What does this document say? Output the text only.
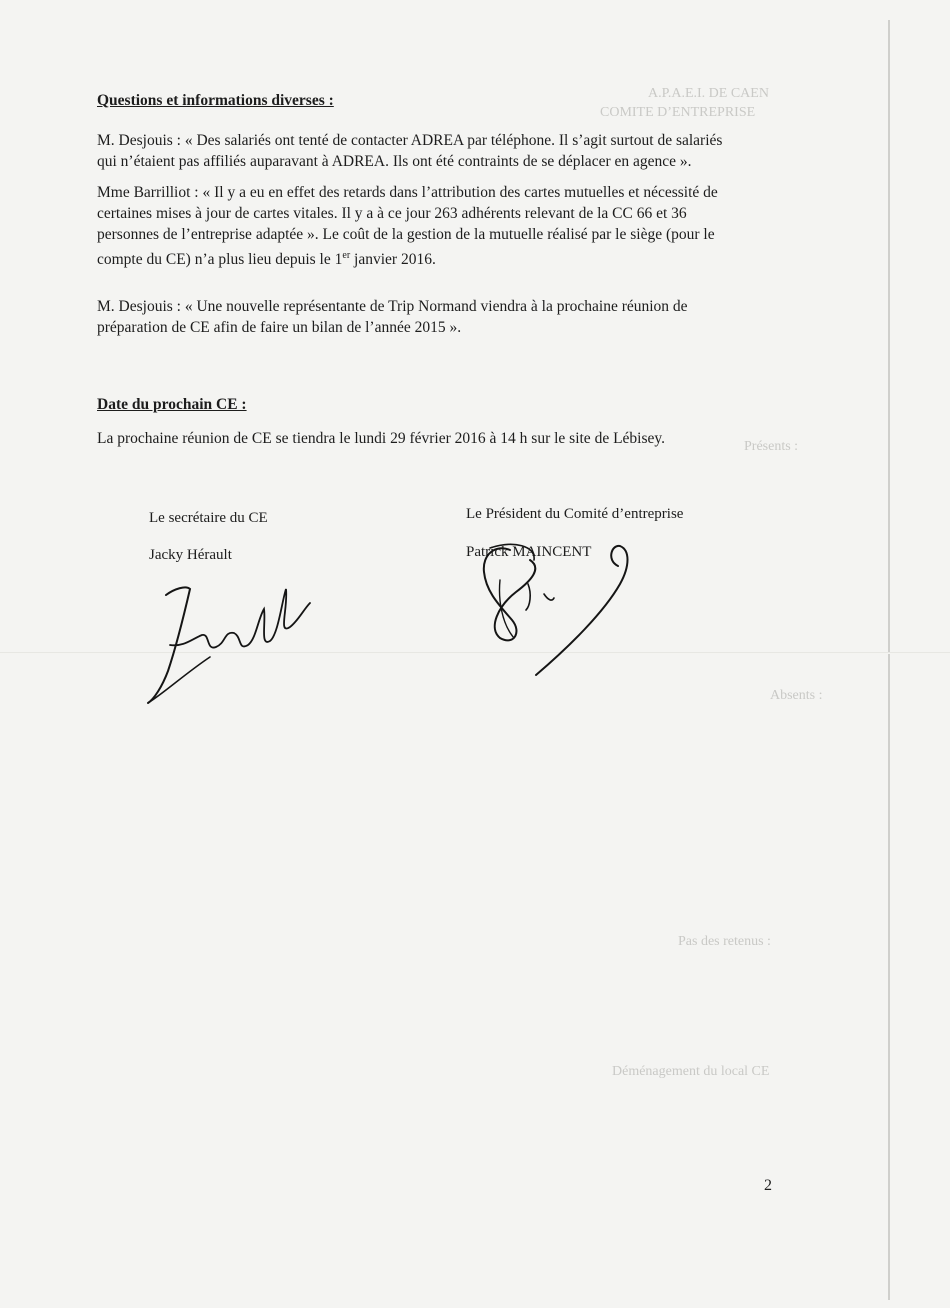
A.P.A.E.I. DE CAEN
COMITE D’ENTREPRISE
Présents :
Absents :
Pas des retenus :
Déménagement du local CE
Questions et informations diverses :
M. Desjouis : « Des salariés ont tenté de contacter ADREA par téléphone. Il s’agit surtout de salariés
qui n’étaient pas affiliés auparavant à ADREA. Ils ont été contraints de se déplacer en agence ».
Mme Barrilliot : « Il y a eu en effet des retards dans l’attribution des cartes mutuelles et nécessité de
certaines mises à jour de cartes vitales. Il y a à ce jour 263 adhérents relevant de la CC 66 et 36
personnes de l’entreprise adaptée ». Le coût de la gestion de la mutuelle réalisé par le siège (pour le
compte du CE) n’a plus lieu depuis le 1er janvier 2016.
M. Desjouis : « Une nouvelle représentante de Trip Normand viendra à la prochaine réunion de
préparation de CE afin de faire un bilan de l’année 2015 ».
Date du prochain CE :
La prochaine réunion de CE se tiendra le lundi 29 février 2016 à 14 h sur le site de Lébisey.
Le secrétaire du CE
Jacky Hérault
Le Président du Comité d’entreprise
Patrick MAINCENT
2
